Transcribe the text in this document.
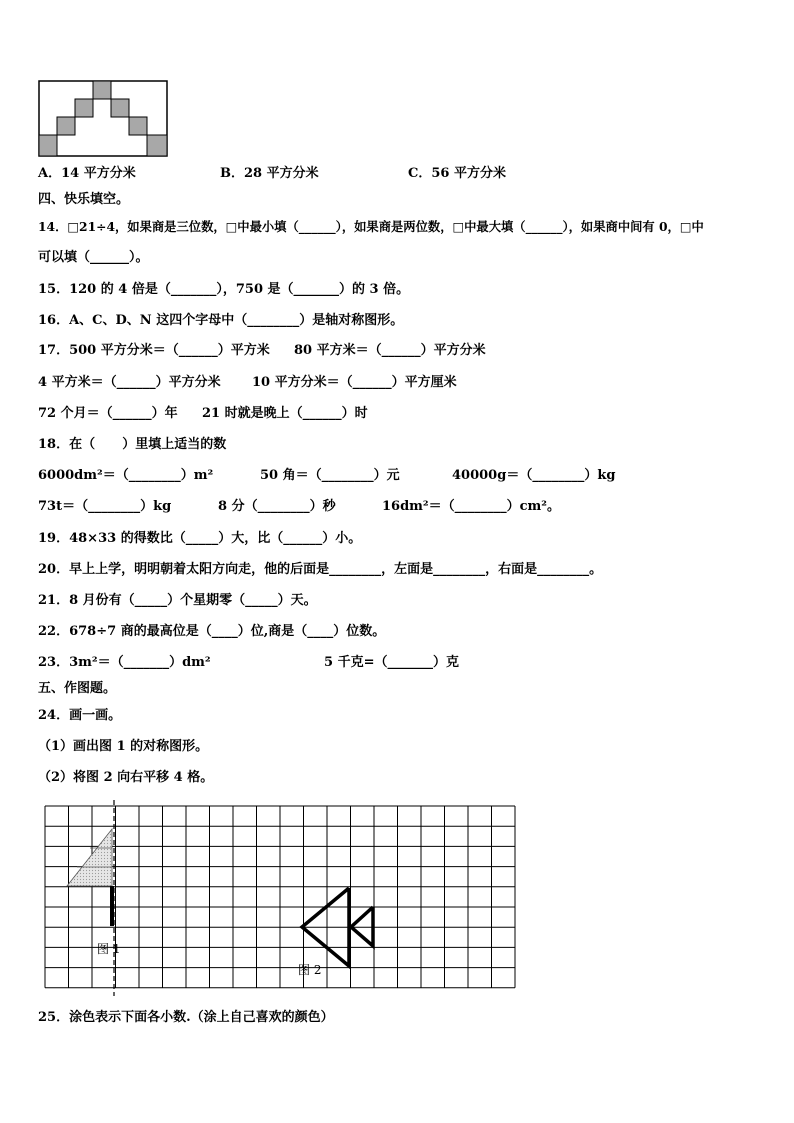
A．14 平方分米	B．28 平方分米	C．56 平方分米
四、快乐填空。
14．□21÷4，如果商是三位数，□中最小填（______），如果商是两位数，□中最大填（______），如果商中间有 0，□中
可以填（______）。
15．120 的 4 倍是（_______），750 是（_______）的 3 倍。
16．A、C、D、N 这四个字母中（________）是轴对称图形。
17．500 平方分米＝（______）平方米 80 平方米＝（______）平方分米
4 平方米＝（______）平方分米 10 平方分米＝（______）平方厘米
72 个月＝（______）年 21 时就是晚上（______）时
18．在（      ）里填上适当的数
6000dm²＝（________）m²	50 角＝（________）元	40000g＝（________）kg
73t＝（________）kg	8 分（________）秒	16dm²＝（________）cm²。
19．48×33 的得数比（_____）大，比（______）小。
20．早上上学，明明朝着太阳方向走，他的后面是________，左面是________，右面是________。
21．8 月份有（_____）个星期零（_____）天。
22．678÷7 商的最高位是（____）位,商是（____）位数。
23．3m²＝（_______）dm²	5 千克=（_______）克
五、作图题。
24．画一画。
（1）画出图 1 的对称图形。
（2）将图 2 向右平移 4 格。
图 1
图 2
25．涂色表示下面各小数.（涂上自己喜欢的颜色）
